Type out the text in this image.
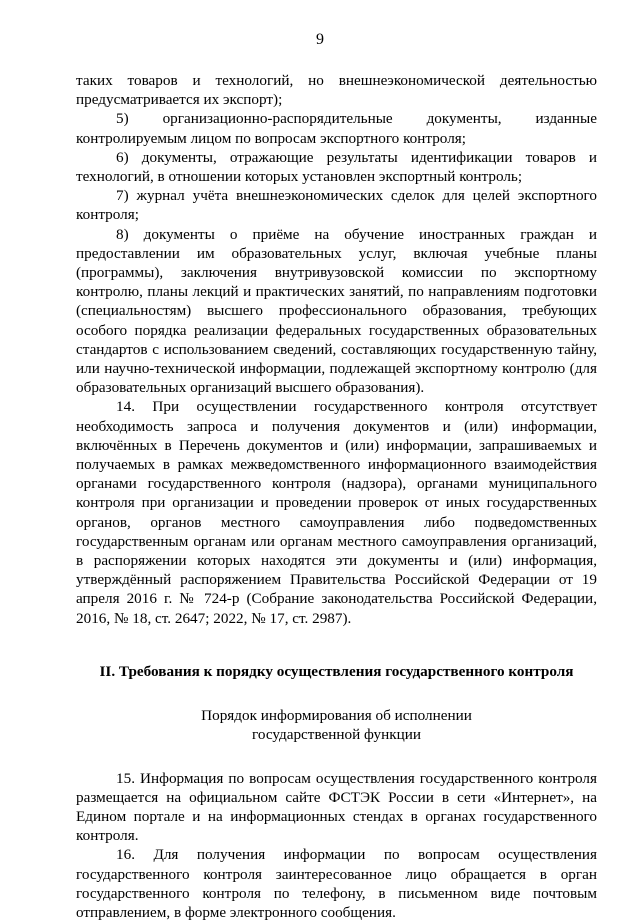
9

таких товаров и технологий, но внешнеэкономической деятельностью предусматривается их экспорт);

5) организационно-распорядительные документы, изданные контролируемым лицом по вопросам экспортного контроля;

6) документы, отражающие результаты идентификации товаров и технологий, в отношении которых установлен экспортный контроль;

7) журнал учёта внешнеэкономических сделок для целей экспортного контроля;

8) документы о приёме на обучение иностранных граждан и предоставлении им образовательных услуг, включая учебные планы (программы), заключения внутривузовской комиссии по экспортному контролю, планы лекций и практических занятий, по направлениям подготовки (специальностям) высшего профессионального образования, требующих особого порядка реализации федеральных государственных образовательных стандартов с использованием сведений, составляющих государственную тайну, или научно-технической информации, подлежащей экспортному контролю (для образовательных организаций высшего образования).

14. При осуществлении государственного контроля отсутствует необходимость запроса и получения документов и (или) информации, включённых в Перечень документов и (или) информации, запрашиваемых и получаемых в рамках межведомственного информационного взаимодействия органами государственного контроля (надзора), органами муниципального контроля при организации и проведении проверок от иных государственных органов, органов местного самоуправления либо подведомственных государственным органам или органам местного самоуправления организаций, в распоряжении которых находятся эти документы и (или) информация, утверждённый распоряжением Правительства Российской Федерации от 19 апреля 2016 г. № 724-р (Собрание законодательства Российской Федерации, 2016, № 18, ст. 2647; 2022, № 17, ст. 2987).

II. Требования к порядку осуществления государственного контроля
Порядок информирования об исполнении
государственной функции

15. Информация по вопросам осуществления государственного контроля размещается на официальном сайте ФСТЭК России в сети «Интернет», на Едином портале и на информационных стендах в органах государственного контроля.

16. Для получения информации по вопросам осуществления государственного контроля заинтересованное лицо обращается в орган государственного контроля по телефону, в письменном виде почтовым отправлением, в форме электронного сообщения.
